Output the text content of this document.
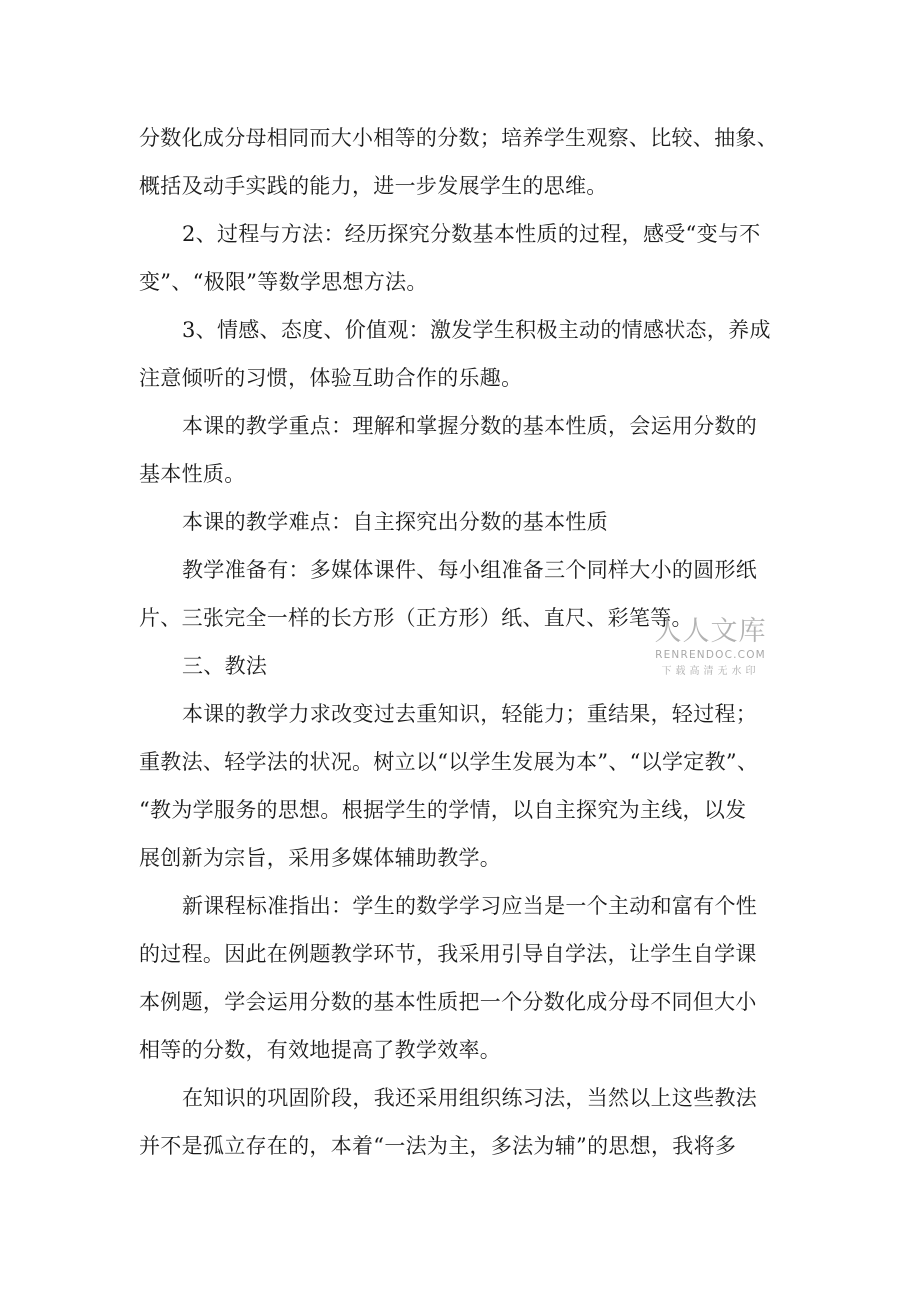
分数化成分母相同而大小相等的分数；培养学生观察、比较、抽象、
概括及动手实践的能力，进一步发展学生的思维。
2、过程与方法：经历探究分数基本性质的过程，感受“变与不
变”、“极限”等数学思想方法。
3、情感、态度、价值观：激发学生积极主动的情感状态，养成
注意倾听的习惯，体验互助合作的乐趣。
本课的教学重点：理解和掌握分数的基本性质，会运用分数的
基本性质。
本课的教学难点：自主探究出分数的基本性质
教学准备有：多媒体课件、每小组准备三个同样大小的圆形纸
片、三张完全一样的长方形（正方形）纸、直尺、彩笔等。
三、教法
本课的教学力求改变过去重知识，轻能力；重结果，轻过程；
重教法、轻学法的状况。树立以“以学生发展为本”、“以学定教”、
“教为学服务的思想。根据学生的学情，以自主探究为主线，以发
展创新为宗旨，采用多媒体辅助教学。
新课程标准指出：学生的数学学习应当是一个主动和富有个性
的过程。因此在例题教学环节，我采用引导自学法，让学生自学课
本例题，学会运用分数的基本性质把一个分数化成分母不同但大小
相等的分数，有效地提高了教学效率。
在知识的巩固阶段，我还采用组织练习法，当然以上这些教法
并不是孤立存在的，本着“一法为主，多法为辅”的思想，我将多
人人文库
RENRENDOC.COM
下载高清无水印
